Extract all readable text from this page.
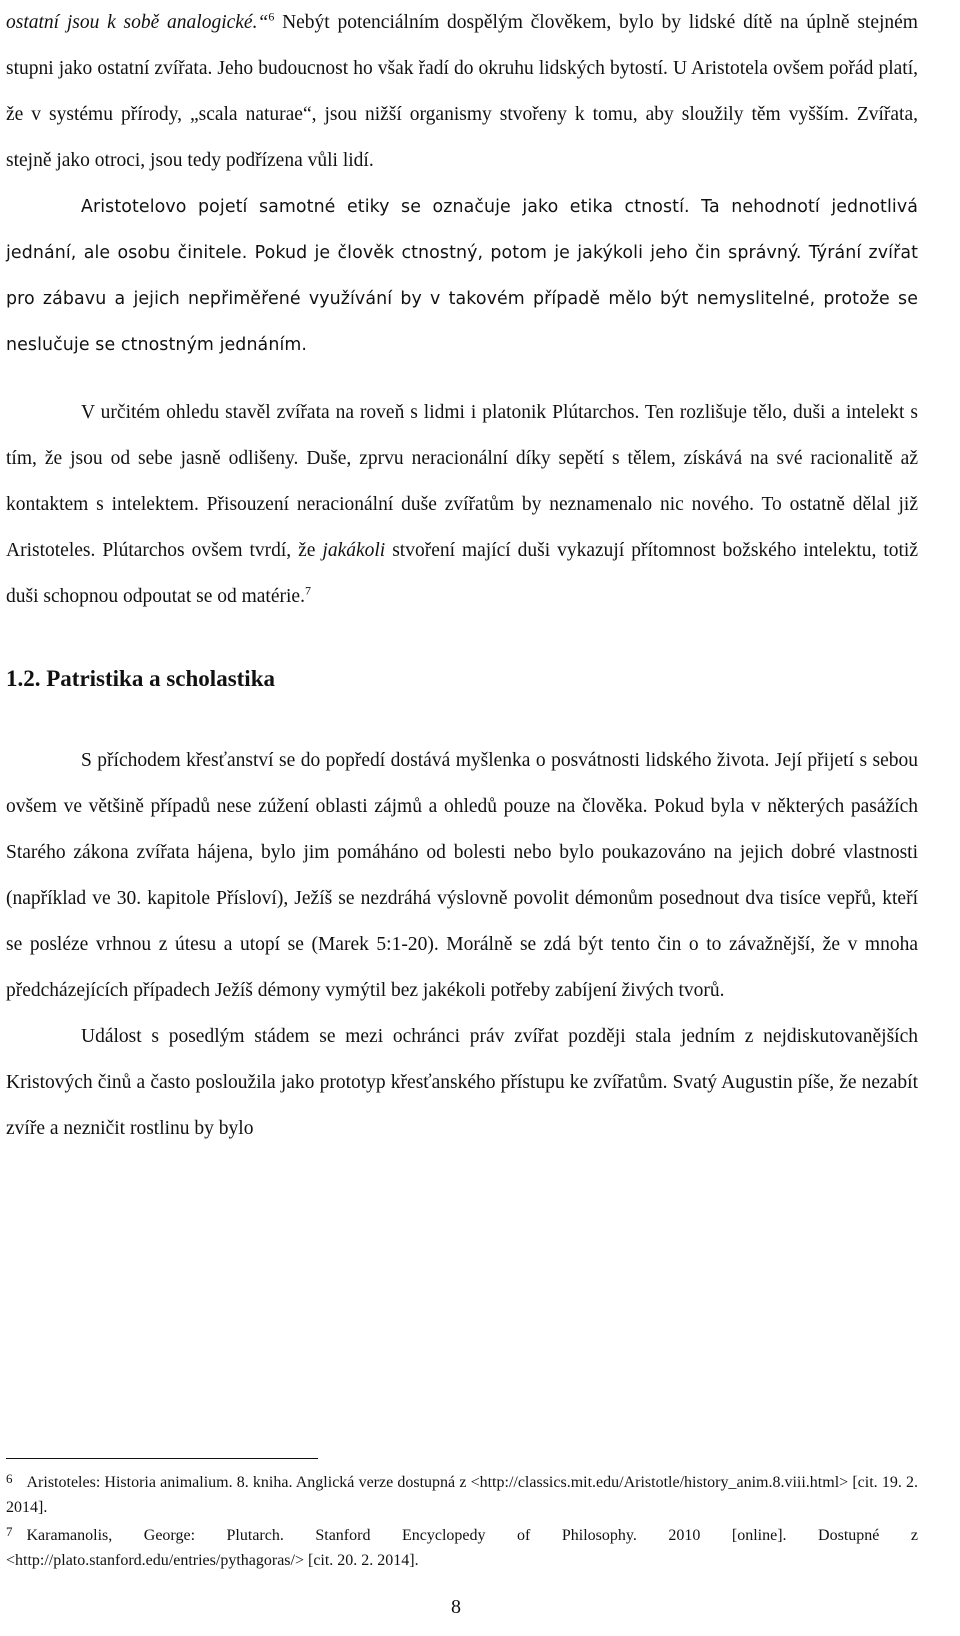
ostatní jsou k sobě analogické.“$^6$ Nebýt potenciálním dospělým člověkem, bylo by lidské dítě na úplně stejném stupni jako ostatní zvířata. Jeho budoucnost ho však řadí do okruhu lidských bytostí. U Aristotela ovšem pořád platí, že v systému přírody, „scala naturae“, jsou nižší organismy stvořeny k tomu, aby sloužily těm vyšším. Zvířata, stejně jako otroci, jsou tedy podřízena vůli lidí.

Aristotelovo pojetí samotné etiky se označuje jako etika ctností. Ta nehodnotí jednotlivá jednání, ale osobu činitele. Pokud je člověk ctnostný, potom je jakýkoli jeho čin správný. Týrání zvířat pro zábavu a jejich nepřiměřené využívání by v takovém případě mělo být nemyslitelné, protože se neslučuje se ctnostným jednáním.

V určitém ohledu stavěl zvířata na roveň s lidmi i platonik Plútarchos. Ten rozlišuje tělo, duši a intelekt s tím, že jsou od sebe jasně odlišeny. Duše, zprvu neracionální díky sepětí s tělem, získává na své racionalitě až kontaktem s intelektem. Přisouzení neracionální duše zvířatům by neznamenalo nic nového. To ostatně dělal již Aristoteles. Plútarchos ovšem tvrdí, že jakákoli stvoření mající duši vykazují přítomnost božského intelektu, totiž duši schopnou odpoutat se od matérie.$^7$

1.2. Patristika a scholastika

S příchodem křesťanství se do popředí dostává myšlenka o posvátnosti lidského života. Její přijetí s sebou ovšem ve většině případů nese zúžení oblasti zájmů a ohledů pouze na člověka. Pokud byla v některých pasážích Starého zákona zvířata hájena, bylo jim pomáháno od bolesti nebo bylo poukazováno na jejich dobré vlastnosti (například ve 30. kapitole Přísloví), Ježíš se nezdráhá výslovně povolit démonům posednout dva tisíce vepřů, kteří se posléze vrhnou z útesu a utopí se (Marek 5:1-20). Morálně se zdá být tento čin o to závažnější, že v mnoha předcházejících případech Ježíš démony vymýtil bez jakékoli potřeby zabíjení živých tvorů.

Událost s posedlým stádem se mezi ochránci práv zvířat později stala jedním z nejdiskutovanějších Kristových činů a často posloužila jako prototyp křesťanského přístupu ke zvířatům. Svatý Augustin píše, že nezabít zvíře a nezničit rostlinu by bylo

$^6$ Aristoteles: Historia animalium. 8. kniha. Anglická verze dostupná z <http://classics.mit.edu/Aristotle/history_anim.8.viii.html> [cit. 19. 2. 2014].

$^7$ Karamanolis, George: Plutarch. Stanford Encyclopedy of Philosophy. 2010 [online]. Dostupné z <http://plato.stanford.edu/entries/pythagoras/> [cit. 20. 2. 2014].

8
